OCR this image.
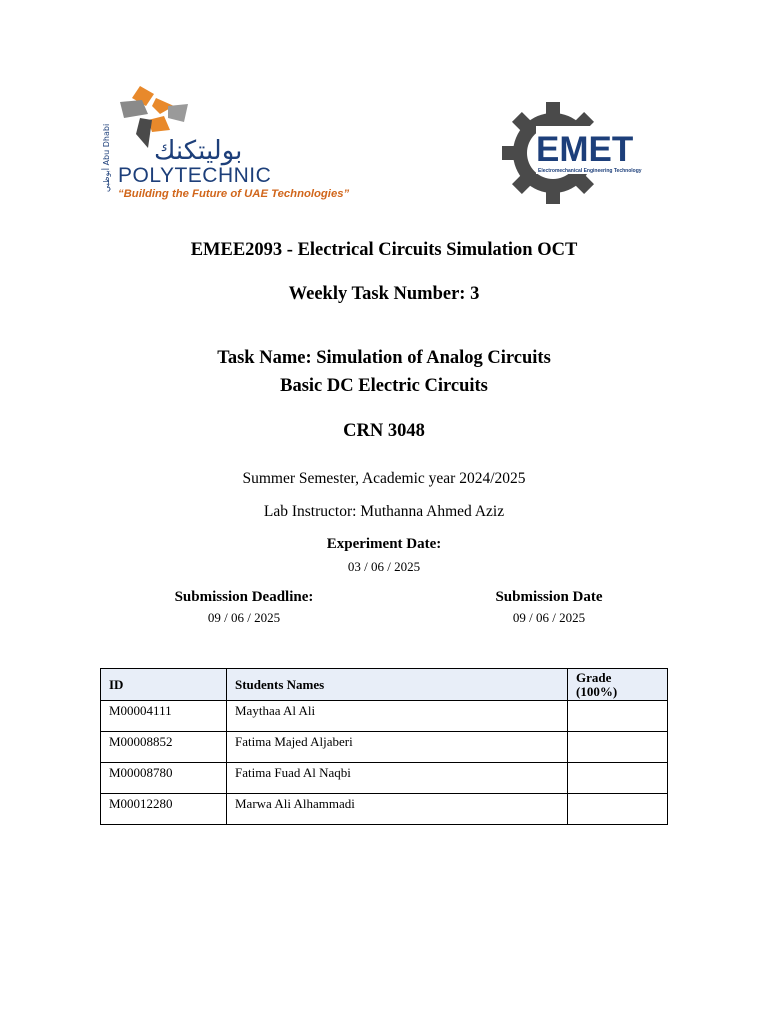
أبوظبي Abu Dhabi بوليتكنك
POLYTECHNIC
“Building the Future of UAE Technologies”
EMET
Electromechanical Engineering Technology
EMEE2093 - Electrical Circuits Simulation OCT
Weekly Task Number: 3
Task Name: Simulation of Analog Circuits
Basic DC Electric Circuits
CRN 3048
Summer Semester, Academic year 2024/2025
Lab Instructor: Muthanna Ahmed Aziz
Experiment Date:
03 / 06 / 2025
Submission Deadline:
09 / 06 / 2025
Submission Date
09 / 06 / 2025
ID	Students Names	Grade
(100%)
M00004111	Maythaa Al Ali	
M00008852	Fatima Majed Aljaberi	
M00008780	Fatima Fuad Al Naqbi	
M00012280	Marwa Ali Alhammadi	
